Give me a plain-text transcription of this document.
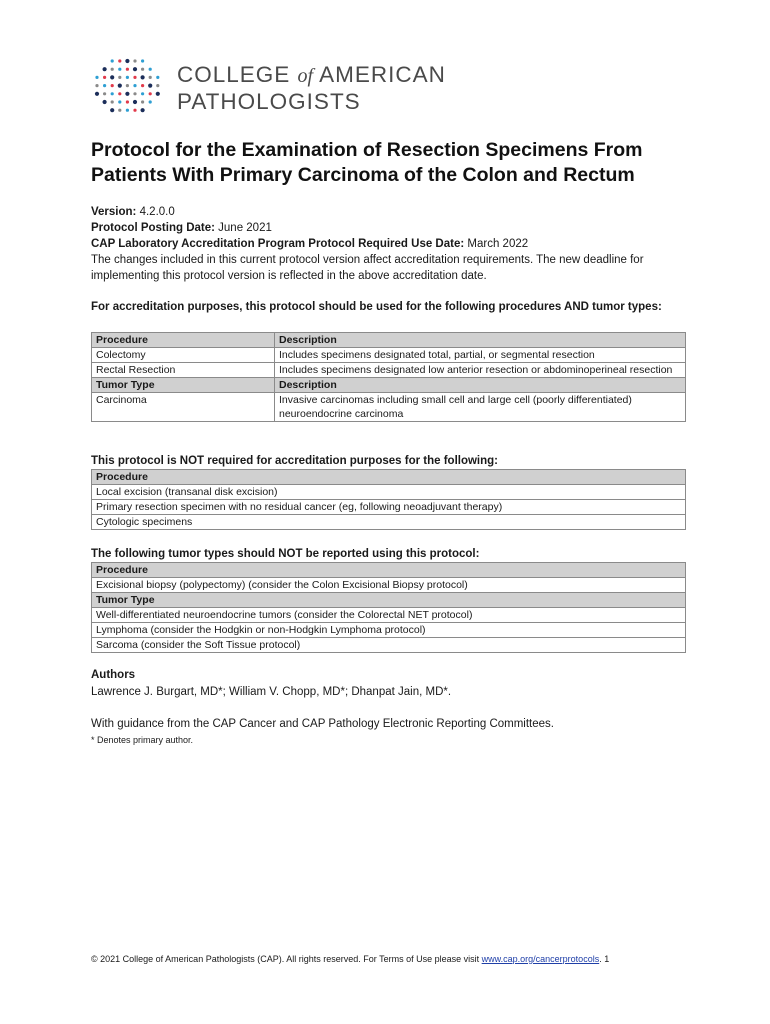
COLLEGE of AMERICAN
PATHOLOGISTS
Protocol for the Examination of Resection Specimens From Patients With Primary Carcinoma of the Colon and Rectum
Version: 4.2.0.0
Protocol Posting Date: June 2021
CAP Laboratory Accreditation Program Protocol Required Use Date: March 2022
The changes included in this current protocol version affect accreditation requirements. The new deadline for implementing this protocol version is reflected in the above accreditation date.
For accreditation purposes, this protocol should be used for the following procedures AND tumor types:
Procedure	Description
Colectomy	Includes specimens designated total, partial, or segmental resection
Rectal Resection	Includes specimens designated low anterior resection or abdominoperineal resection
Tumor Type	Description
Carcinoma	Invasive carcinomas including small cell and large cell (poorly differentiated) neuroendocrine carcinoma
This protocol is NOT required for accreditation purposes for the following:
Procedure
Local excision (transanal disk excision)
Primary resection specimen with no residual cancer (eg, following neoadjuvant therapy)
Cytologic specimens
The following tumor types should NOT be reported using this protocol:
Procedure
Excisional biopsy (polypectomy) (consider the Colon Excisional Biopsy protocol)
Tumor Type
Well-differentiated neuroendocrine tumors (consider the Colorectal NET protocol)
Lymphoma (consider the Hodgkin or non-Hodgkin Lymphoma protocol)
Sarcoma (consider the Soft Tissue protocol)
Authors
Lawrence J. Burgart, MD*; William V. Chopp, MD*; Dhanpat Jain, MD*.
With guidance from the CAP Cancer and CAP Pathology Electronic Reporting Committees.
* Denotes primary author.
© 2021 College of American Pathologists (CAP). All rights reserved. For Terms of Use please visit www.cap.org/cancerprotocols. 1
